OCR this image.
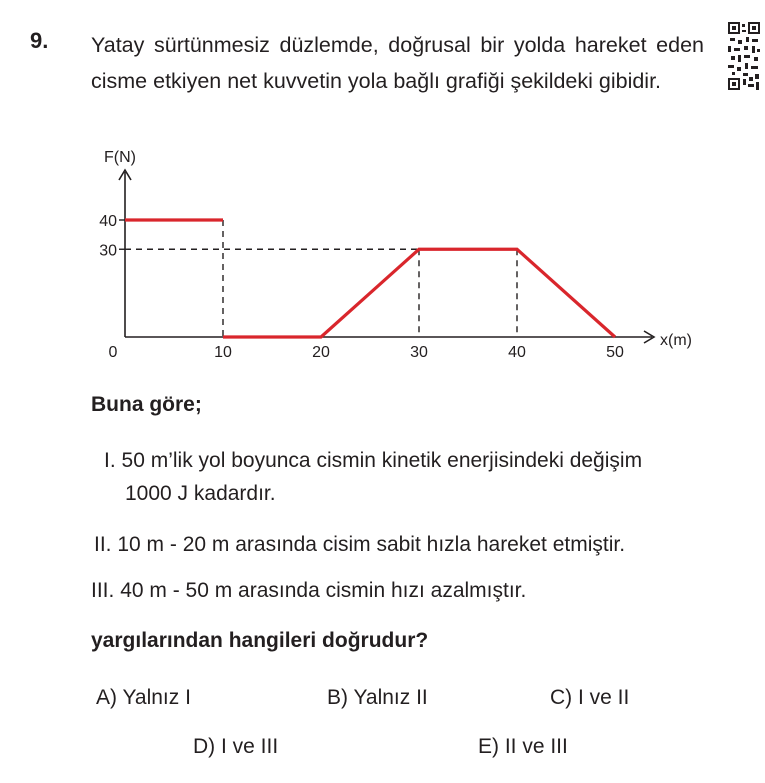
9. Yatay sürtünmesiz düzlemde, doğrusal bir yolda hareket eden cisme etkiyen net kuvvetin yola bağlı grafiği şekildeki gibidir.
F(N)
x(m)
40
30
0	10	20	30	40	50
Buna göre;
I. 50 m’lik yol boyunca cismin kinetik enerjisindeki değişim
1000 J kadardır.
II. 10 m - 20 m arasında cisim sabit hızla hareket etmiştir.
III. 40 m - 50 m arasında cismin hızı azalmıştır.
yargılarından hangileri doğrudur?
A) Yalnız I	B) Yalnız II	C) I ve II
D) I ve III	E) II ve III
